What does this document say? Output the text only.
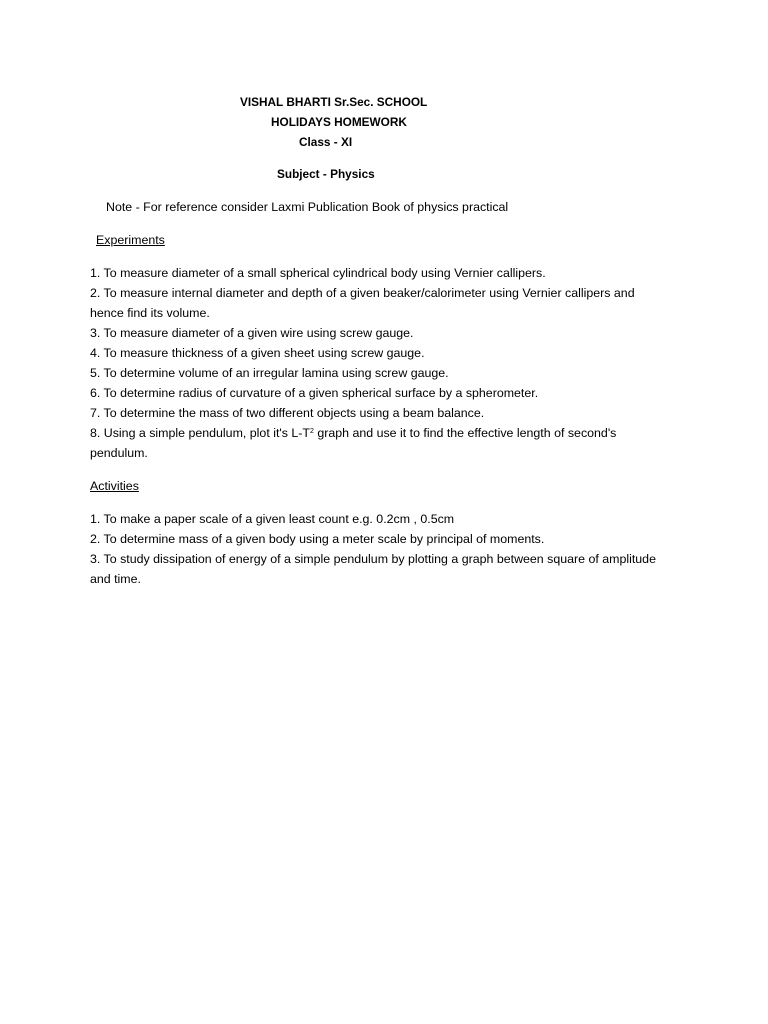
VISHAL BHARTI Sr.Sec. SCHOOL
HOLIDAYS HOMEWORK
Class - XI
Subject - Physics
Note - For reference consider Laxmi Publication Book of physics practical
Experiments
1. To measure diameter of a small spherical cylindrical body using Vernier callipers.
2. To measure internal diameter and depth of a given beaker/calorimeter using Vernier callipers and
hence find its volume.
3. To measure diameter of a given wire using screw gauge.
4. To measure thickness of a given sheet using screw gauge.
5. To determine volume of an irregular lamina using screw gauge.
6. To determine radius of curvature of a given spherical surface by a spherometer.
7. To determine the mass of two different objects using a beam balance.
8. Using a simple pendulum, plot it's $L-T^2$ graph and use it to find the effective length of second's
pendulum.
Activities
1. To make a paper scale of a given least count e.g. 0.2cm , 0.5cm
2. To determine mass of a given body using a meter scale by principal of moments.
3. To study dissipation of energy of a simple pendulum by plotting a graph between square of amplitude
and time.
